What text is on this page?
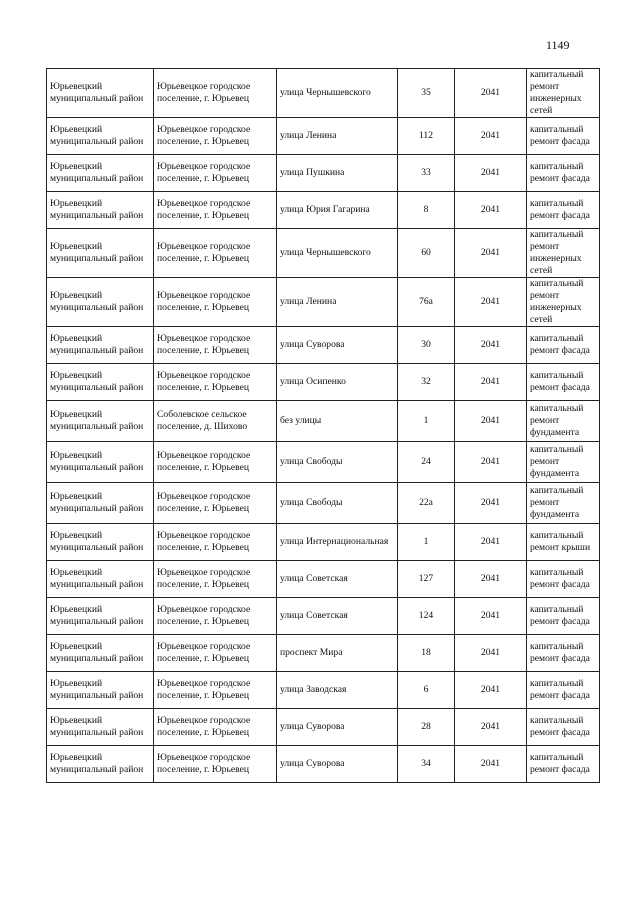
1149
Юрьевецкий муниципальный район	Юрьевецкое городское поселение, г. Юрьевец	улица Чернышевского	35	2041	капитальный ремонт инженерных сетей
Юрьевецкий муниципальный район	Юрьевецкое городское поселение, г. Юрьевец	улица Ленина	112	2041	капитальный ремонт фасада
Юрьевецкий муниципальный район	Юрьевецкое городское поселение, г. Юрьевец	улица Пушкина	33	2041	капитальный ремонт фасада
Юрьевецкий муниципальный район	Юрьевецкое городское поселение, г. Юрьевец	улица Юрия Гагарина	8	2041	капитальный ремонт фасада
Юрьевецкий муниципальный район	Юрьевецкое городское поселение, г. Юрьевец	улица Чернышевского	60	2041	капитальный ремонт инженерных сетей
Юрьевецкий муниципальный район	Юрьевецкое городское поселение, г. Юрьевец	улица Ленина	76а	2041	капитальный ремонт инженерных сетей
Юрьевецкий муниципальный район	Юрьевецкое городское поселение, г. Юрьевец	улица Суворова	30	2041	капитальный ремонт фасада
Юрьевецкий муниципальный район	Юрьевецкое городское поселение, г. Юрьевец	улица Осипенко	32	2041	капитальный ремонт фасада
Юрьевецкий муниципальный район	Соболевское сельское поселение, д. Шихово	без улицы	1	2041	капитальный ремонт фундамента
Юрьевецкий муниципальный район	Юрьевецкое городское поселение, г. Юрьевец	улица Свободы	24	2041	капитальный ремонт фундамента
Юрьевецкий муниципальный район	Юрьевецкое городское поселение, г. Юрьевец	улица Свободы	22а	2041	капитальный ремонт фундамента
Юрьевецкий муниципальный район	Юрьевецкое городское поселение, г. Юрьевец	улица Интернациональная	1	2041	капитальный ремонт крыши
Юрьевецкий муниципальный район	Юрьевецкое городское поселение, г. Юрьевец	улица Советская	127	2041	капитальный ремонт фасада
Юрьевецкий муниципальный район	Юрьевецкое городское поселение, г. Юрьевец	улица Советская	124	2041	капитальный ремонт фасада
Юрьевецкий муниципальный район	Юрьевецкое городское поселение, г. Юрьевец	проспект Мира	18	2041	капитальный ремонт фасада
Юрьевецкий муниципальный район	Юрьевецкое городское поселение, г. Юрьевец	улица Заводская	6	2041	капитальный ремонт фасада
Юрьевецкий муниципальный район	Юрьевецкое городское поселение, г. Юрьевец	улица Суворова	28	2041	капитальный ремонт фасада
Юрьевецкий муниципальный район	Юрьевецкое городское поселение, г. Юрьевец	улица Суворова	34	2041	капитальный ремонт фасада
